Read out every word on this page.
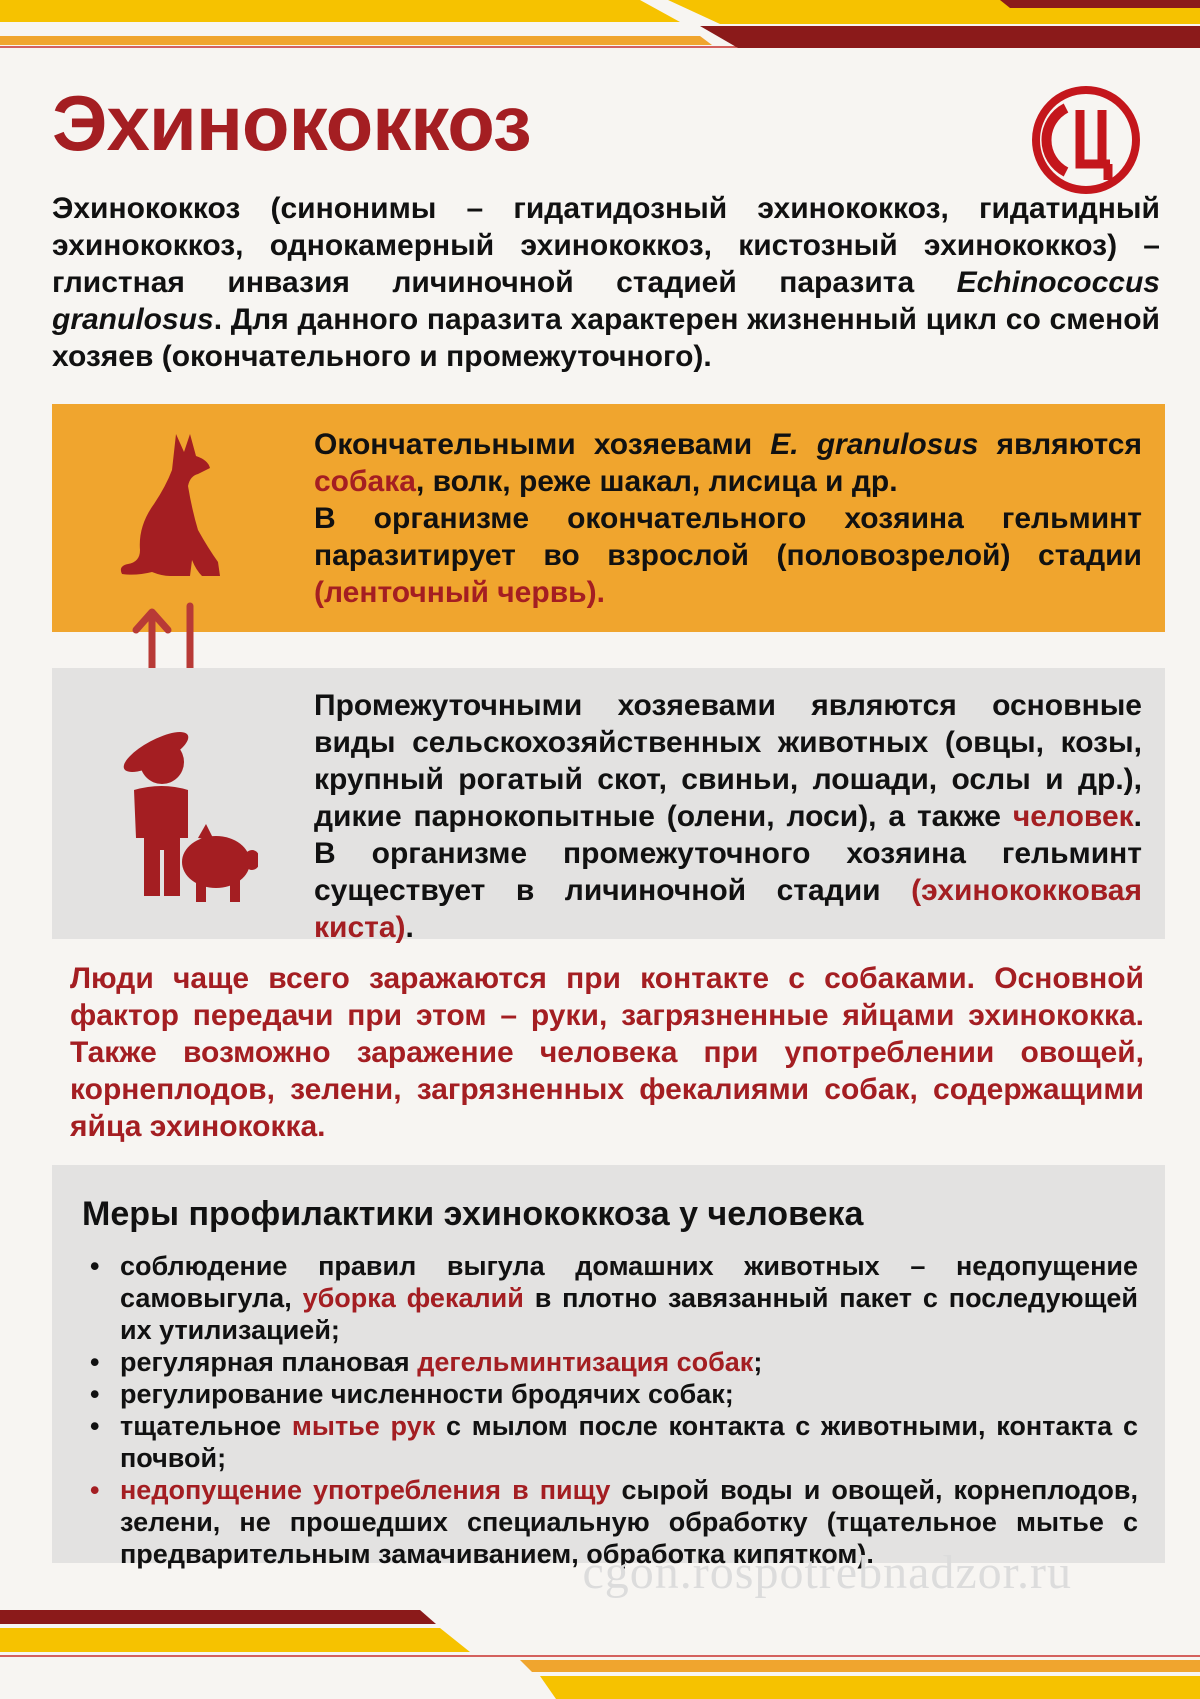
Эхинококкоз
Эхинококкоз (синонимы – гидатидозный эхинококкоз, гидатидный эхинококкоз, однокамерный эхинококкоз, кистозный эхинококкоз) – глистная инвазия личиночной стадией паразита Echinococcus granulosus. Для данного паразита характерен жизненный цикл со сменой хозяев (окончательного и промежуточного).
Окончательными хозяевами E. granulosus являются собака, волк, реже шакал, лисица и др.
В организме окончательного хозяина гельминт паразитирует во взрослой (половозрелой) стадии (ленточный червь).
Промежуточными хозяевами являются основные виды сельскохозяйственных животных (овцы, козы, крупный рогатый скот, свиньи, лошади, ослы и др.), дикие парнокопытные (олени, лоси), а также человек. В организме промежуточного хозяина гельминт существует в личиночной стадии (эхинококковая киста).
Люди чаще всего заражаются при контакте с собаками. Основной фактор передачи при этом – руки, загрязненные яйцами эхинококка. Также возможно заражение человека при употреблении овощей, корнеплодов, зелени, загрязненных фекалиями собак, содержащими яйца эхинококка.
Меры профилактики эхинококкоза у человека
• соблюдение правил выгула домашних животных – недопущение самовыгула, уборка фекалий в плотно завязанный пакет с последующей их утилизацией;
• регулярная плановая дегельминтизация собак;
• регулирование численности бродячих собак;
• тщательное мытье рук с мылом после контакта с животными, контакта с почвой;
• недопущение употребления в пищу сырой воды и овощей, корнеплодов, зелени, не прошедших специальную обработку (тщательное мытье с предварительным замачиванием, обработка кипятком).
cgon.rospotrebnadzor.ru
